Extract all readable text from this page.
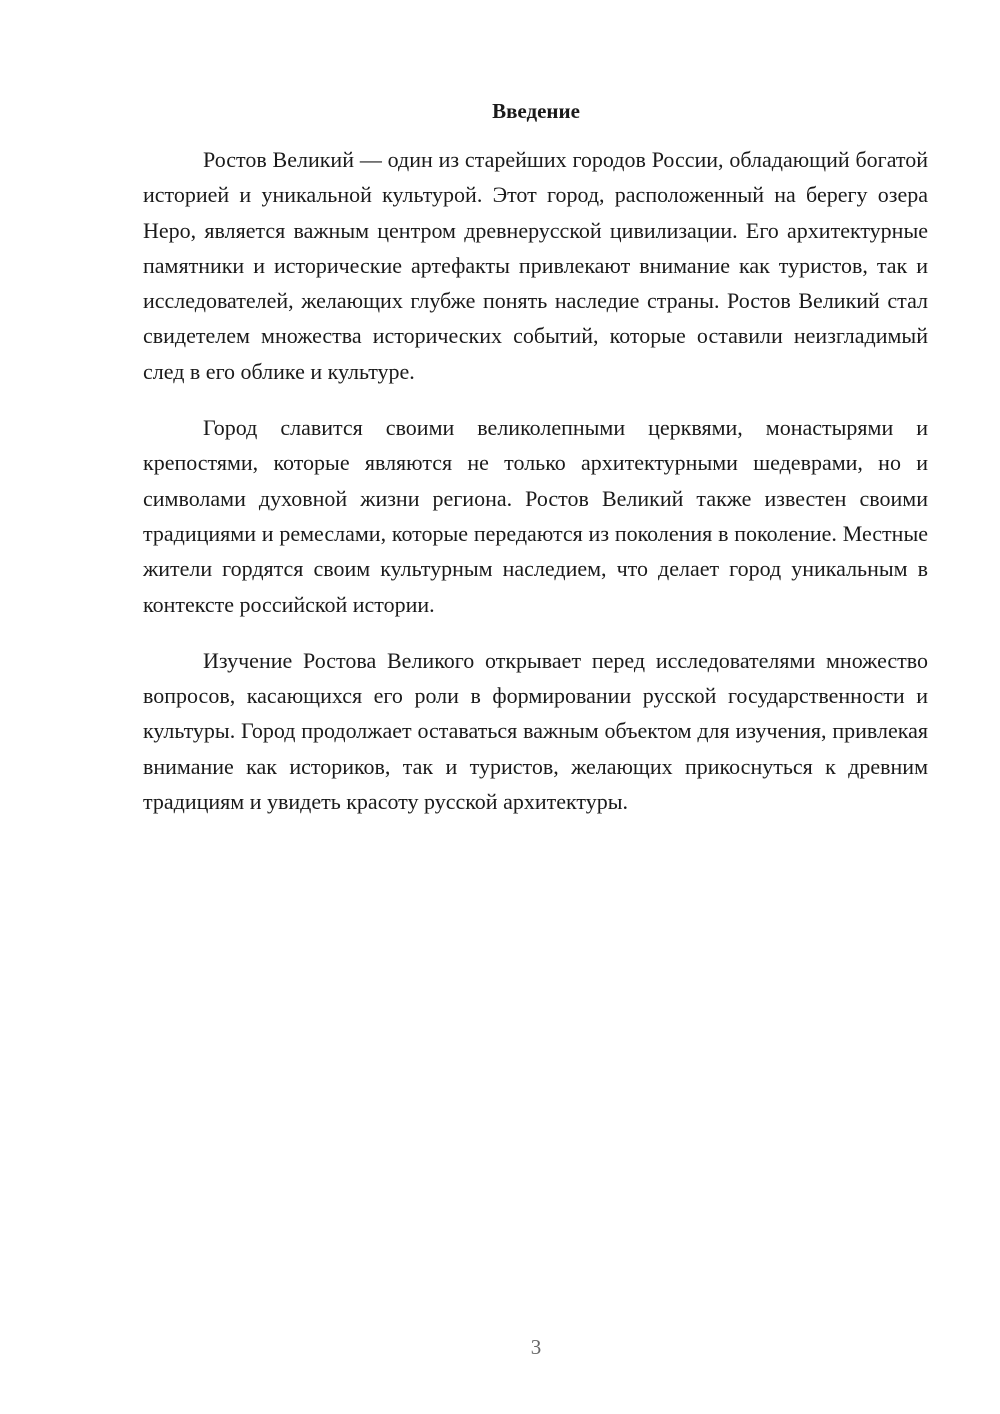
Введение

Ростов Великий — один из старейших городов России, обладающий богатой историей и уникальной культурой. Этот город, расположенный на берегу озера Неро, является важным центром древнерусской цивилизации. Его архитектурные памятники и исторические артефакты привлекают внимание как туристов, так и исследователей, желающих глубже понять наследие страны. Ростов Великий стал свидетелем множества исторических событий, которые оставили неизгладимый след в его облике и культуре.

Город славится своими великолепными церквями, монастырями и крепостями, которые являются не только архитектурными шедеврами, но и символами духовной жизни региона. Ростов Великий также известен своими традициями и ремеслами, которые передаются из поколения в поколение. Местные жители гордятся своим культурным наследием, что делает город уникальным в контексте российской истории.

Изучение Ростова Великого открывает перед исследователями множество вопросов, касающихся его роли в формировании русской государственности и культуры. Город продолжает оставаться важным объектом для изучения, привлекая внимание как историков, так и туристов, желающих прикоснуться к древним традициям и увидеть красоту русской архитектуры.

3
